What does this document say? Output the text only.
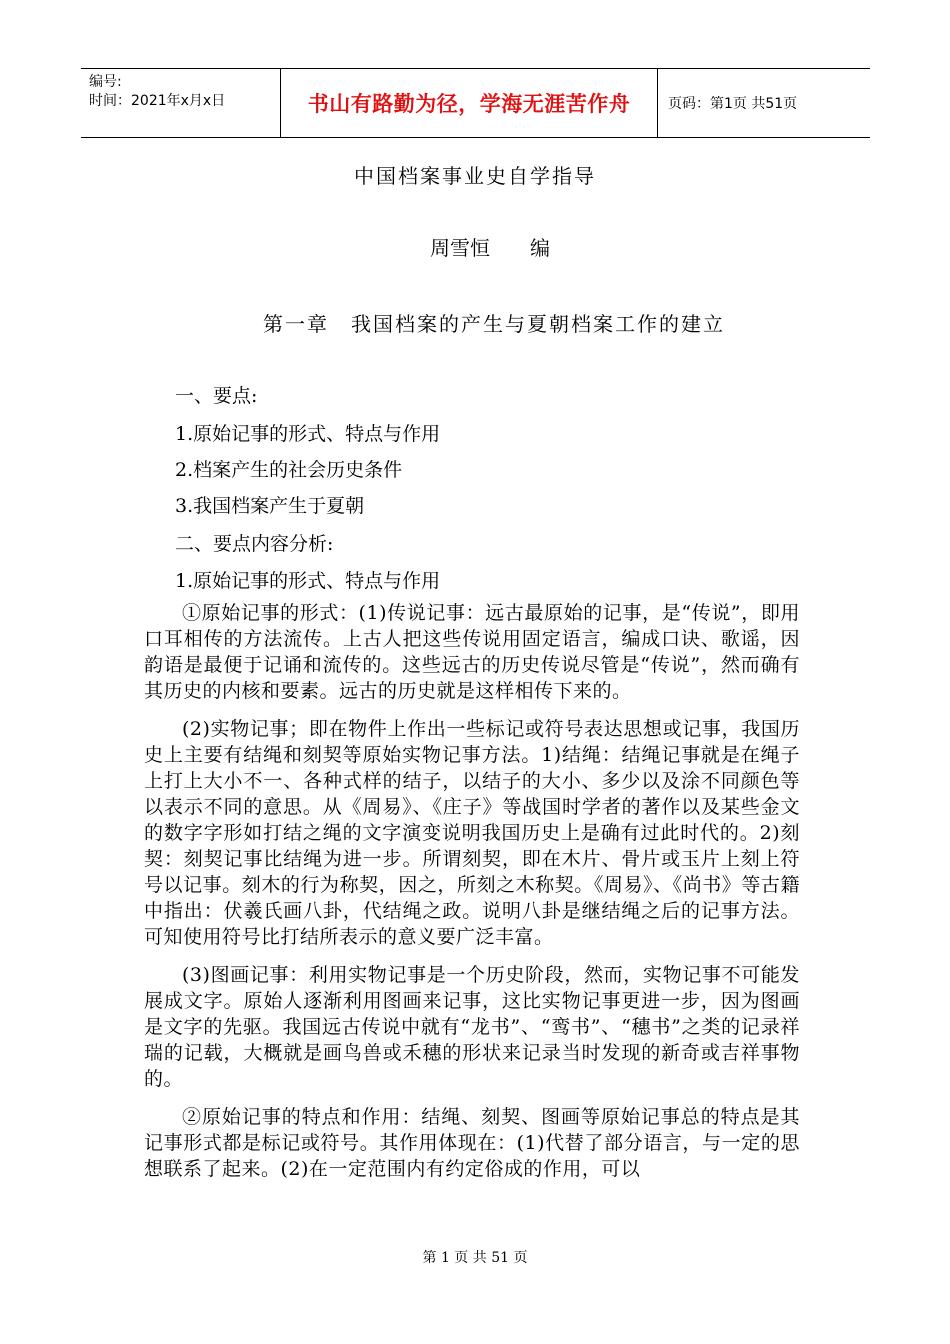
编号:
时间：2021年x月x日	书山有路勤为径，学海无涯苦作舟	页码：第1页 共51页
中国档案事业史自学指导
周雪恒 编
第一章　我国档案的产生与夏朝档案工作的建立
一、要点:
1.原始记事的形式、特点与作用
2.档案产生的社会历史条件
3.我国档案产生于夏朝
二、要点内容分析:
1.原始记事的形式、特点与作用

①原始记事的形式：(1)传说记事：远古最原始的记事，是“传说”，即用口耳相传的方法流传。上古人把这些传说用固定语言，编成口诀、歌谣，因韵语是最便于记诵和流传的。这些远古的历史传说尽管是“传说”，然而确有其历史的内核和要素。远古的历史就是这样相传下来的。

(2)实物记事；即在物件上作出一些标记或符号表达思想或记事，我国历史上主要有结绳和刻契等原始实物记事方法。1)结绳：结绳记事就是在绳子上打上大小不一、各种式样的结子，以结子的大小、多少以及涂不同颜色等以表示不同的意思。从《周易》、《庄子》等战国时学者的著作以及某些金文的数字字形如打结之绳的文字演变说明我国历史上是确有过此时代的。2)刻契：刻契记事比结绳为进一步。所谓刻契，即在木片、骨片或玉片上刻上符号以记事。刻木的行为称契，因之，所刻之木称契。《周易》、《尚书》等古籍中指出：伏羲氏画八卦，代结绳之政。说明八卦是继结绳之后的记事方法。可知使用符号比打结所表示的意义要广泛丰富。

(3)图画记事：利用实物记事是一个历史阶段，然而，实物记事不可能发展成文字。原始人逐渐利用图画来记事，这比实物记事更进一步，因为图画是文字的先驱。我国远古传说中就有“龙书”、“鸾书”、“穗书”之类的记录祥瑞的记载，大概就是画鸟兽或禾穗的形状来记录当时发现的新奇或吉祥事物的。

②原始记事的特点和作用：结绳、刻契、图画等原始记事总的特点是其记事形式都是标记或符号。其作用体现在：(1)代替了部分语言，与一定的思想联系了起来。(2)在一定范围内有约定俗成的作用，可以

第 1 页 共 51 页
